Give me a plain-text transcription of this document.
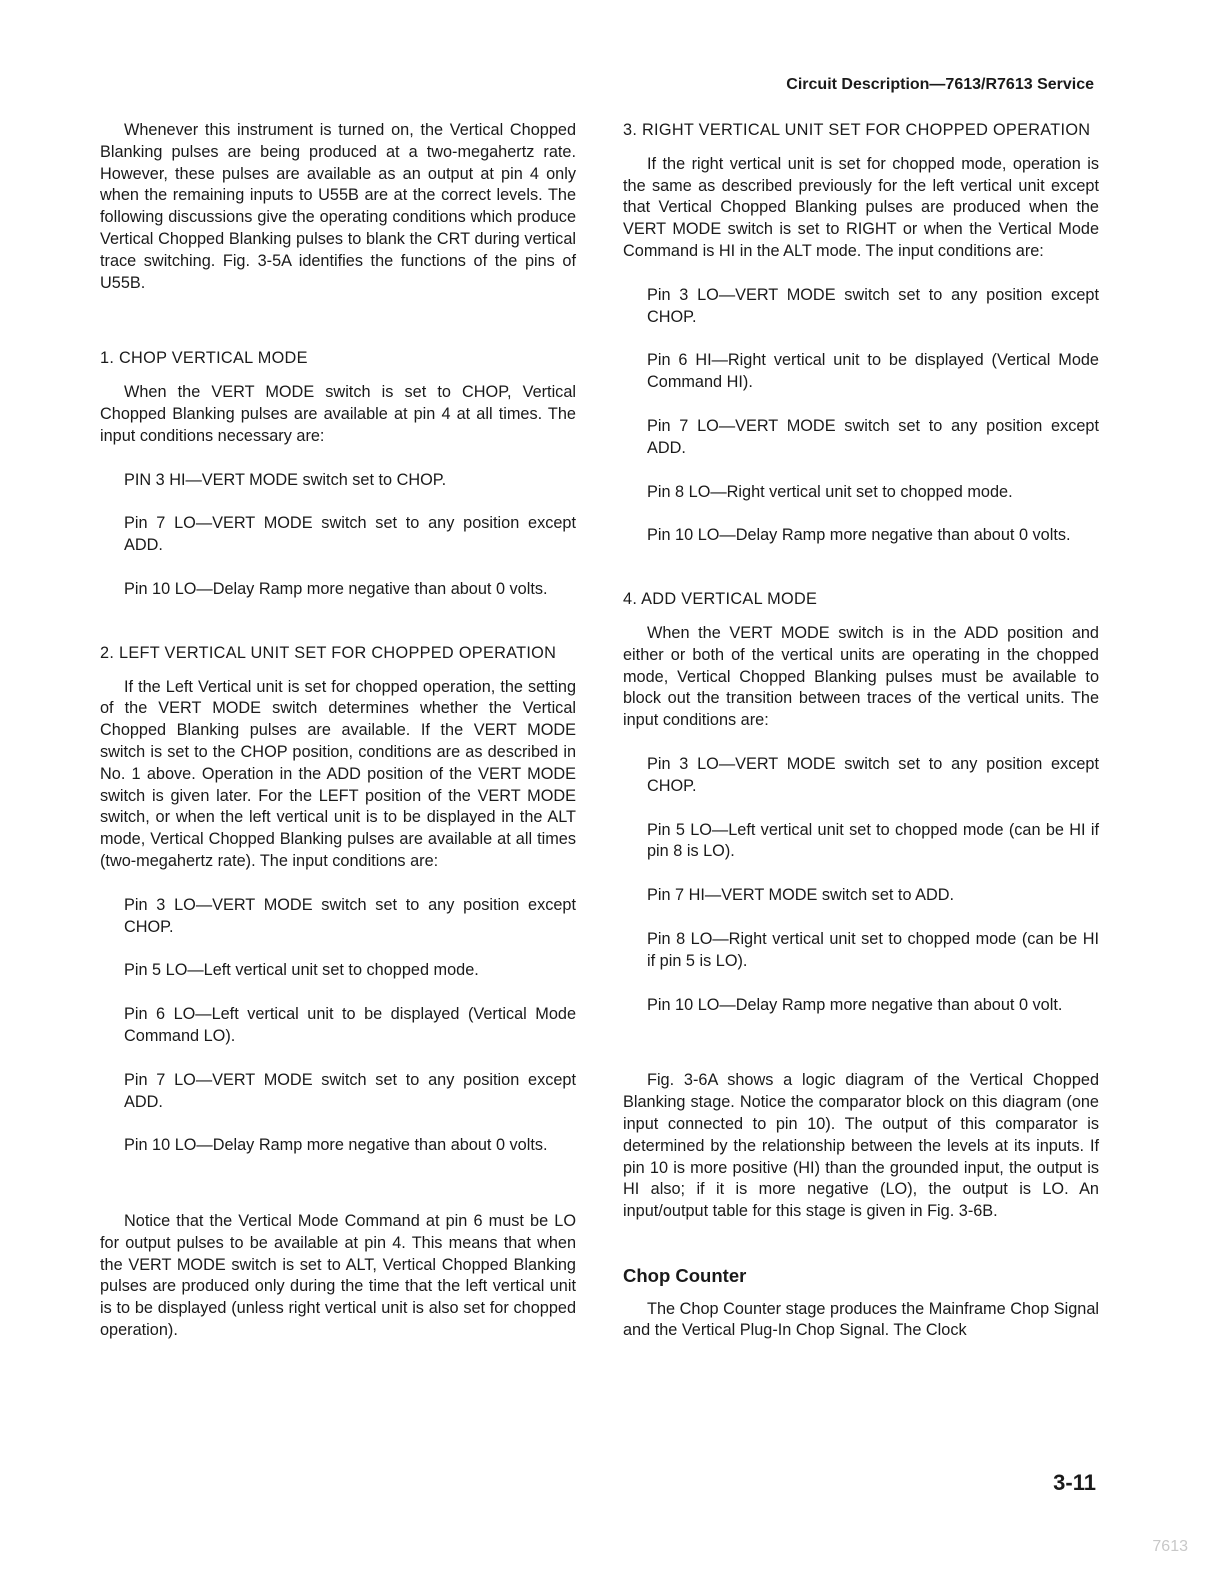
Circuit Description—7613/R7613 Service

Whenever this instrument is turned on, the Vertical Chopped Blanking pulses are being produced at a two-megahertz rate. However, these pulses are available as an output at pin 4 only when the remaining inputs to U55B are at the correct levels. The following discussions give the operating conditions which produce Vertical Chopped Blanking pulses to blank the CRT during vertical trace switching. Fig. 3-5A identifies the functions of the pins of U55B.

1. CHOP VERTICAL MODE

When the VERT MODE switch is set to CHOP, Vertical Chopped Blanking pulses are available at pin 4 at all times. The input conditions necessary are:

PIN 3 HI—VERT MODE switch set to CHOP.

Pin 7 LO—VERT MODE switch set to any position except ADD.

Pin 10 LO—Delay Ramp more negative than about 0 volts.

2. LEFT VERTICAL UNIT SET FOR CHOPPED OPERATION

If the Left Vertical unit is set for chopped operation, the setting of the VERT MODE switch determines whether the Vertical Chopped Blanking pulses are available. If the VERT MODE switch is set to the CHOP position, conditions are as described in No. 1 above. Operation in the ADD position of the VERT MODE switch is given later. For the LEFT position of the VERT MODE switch, or when the left vertical unit is to be displayed in the ALT mode, Vertical Chopped Blanking pulses are available at all times (two-megahertz rate). The input conditions are:

Pin 3 LO—VERT MODE switch set to any position except CHOP.

Pin 5 LO—Left vertical unit set to chopped mode.

Pin 6 LO—Left vertical unit to be displayed (Vertical Mode Command LO).

Pin 7 LO—VERT MODE switch set to any position except ADD.

Pin 10 LO—Delay Ramp more negative than about 0 volts.

Notice that the Vertical Mode Command at pin 6 must be LO for output pulses to be available at pin 4. This means that when the VERT MODE switch is set to ALT, Vertical Chopped Blanking pulses are produced only during the time that the left vertical unit is to be displayed (unless right vertical unit is also set for chopped operation).

3. RIGHT VERTICAL UNIT SET FOR CHOPPED OPERATION

If the right vertical unit is set for chopped mode, operation is the same as described previously for the left vertical unit except that Vertical Chopped Blanking pulses are produced when the VERT MODE switch is set to RIGHT or when the Vertical Mode Command is HI in the ALT mode. The input conditions are:

Pin 3 LO—VERT MODE switch set to any position except CHOP.

Pin 6 HI—Right vertical unit to be displayed (Vertical Mode Command HI).

Pin 7 LO—VERT MODE switch set to any position except ADD.

Pin 8 LO—Right vertical unit set to chopped mode.

Pin 10 LO—Delay Ramp more negative than about 0 volts.

4. ADD VERTICAL MODE

When the VERT MODE switch is in the ADD position and either or both of the vertical units are operating in the chopped mode, Vertical Chopped Blanking pulses must be available to block out the transition between traces of the vertical units. The input conditions are:

Pin 3 LO—VERT MODE switch set to any position except CHOP.

Pin 5 LO—Left vertical unit set to chopped mode (can be HI if pin 8 is LO).

Pin 7 HI—VERT MODE switch set to ADD.

Pin 8 LO—Right vertical unit set to chopped mode (can be HI if pin 5 is LO).

Pin 10 LO—Delay Ramp more negative than about 0 volt.

Fig. 3-6A shows a logic diagram of the Vertical Chopped Blanking stage. Notice the comparator block on this diagram (one input connected to pin 10). The output of this comparator is determined by the relationship between the levels at its inputs. If pin 10 is more positive (HI) than the grounded input, the output is HI also; if it is more negative (LO), the output is LO. An input/output table for this stage is given in Fig. 3-6B.

Chop Counter

The Chop Counter stage produces the Mainframe Chop Signal and the Vertical Plug-In Chop Signal. The Clock

3-11
7613
